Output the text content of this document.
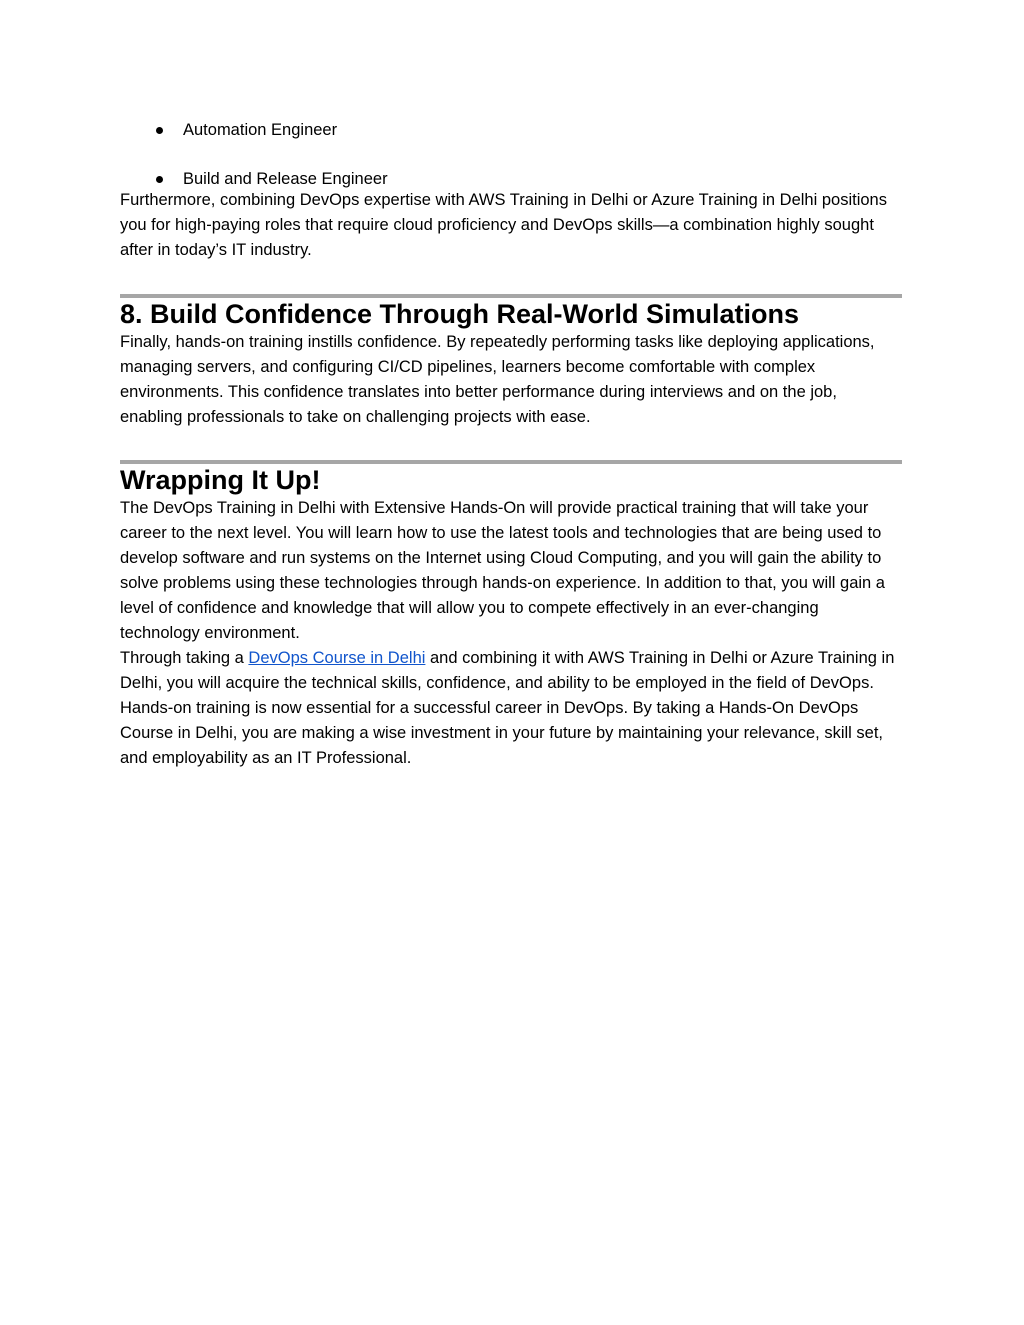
Automation Engineer
Build and Release Engineer

Furthermore, combining DevOps expertise with AWS Training in Delhi or Azure Training in Delhi positions you for high-paying roles that require cloud proficiency and DevOps skills—a combination highly sought after in today’s IT industry.

8. Build Confidence Through Real-World Simulations

Finally, hands-on training instills confidence. By repeatedly performing tasks like deploying applications, managing servers, and configuring CI/CD pipelines, learners become comfortable with complex environments. This confidence translates into better performance during interviews and on the job, enabling professionals to take on challenging projects with ease.

Wrapping It Up!

The DevOps Training in Delhi with Extensive Hands-On will provide practical training that will take your career to the next level. You will learn how to use the latest tools and technologies that are being used to develop software and run systems on the Internet using Cloud Computing, and you will gain the ability to solve problems using these technologies through hands-on experience. In addition to that, you will gain a level of confidence and knowledge that will allow you to compete effectively in an ever-changing technology environment.

Through taking a DevOps Course in Delhi and combining it with AWS Training in Delhi or Azure Training in Delhi, you will acquire the technical skills, confidence, and ability to be employed in the field of DevOps.

Hands-on training is now essential for a successful career in DevOps. By taking a Hands-On DevOps Course in Delhi, you are making a wise investment in your future by maintaining your relevance, skill set, and employability as an IT Professional.
